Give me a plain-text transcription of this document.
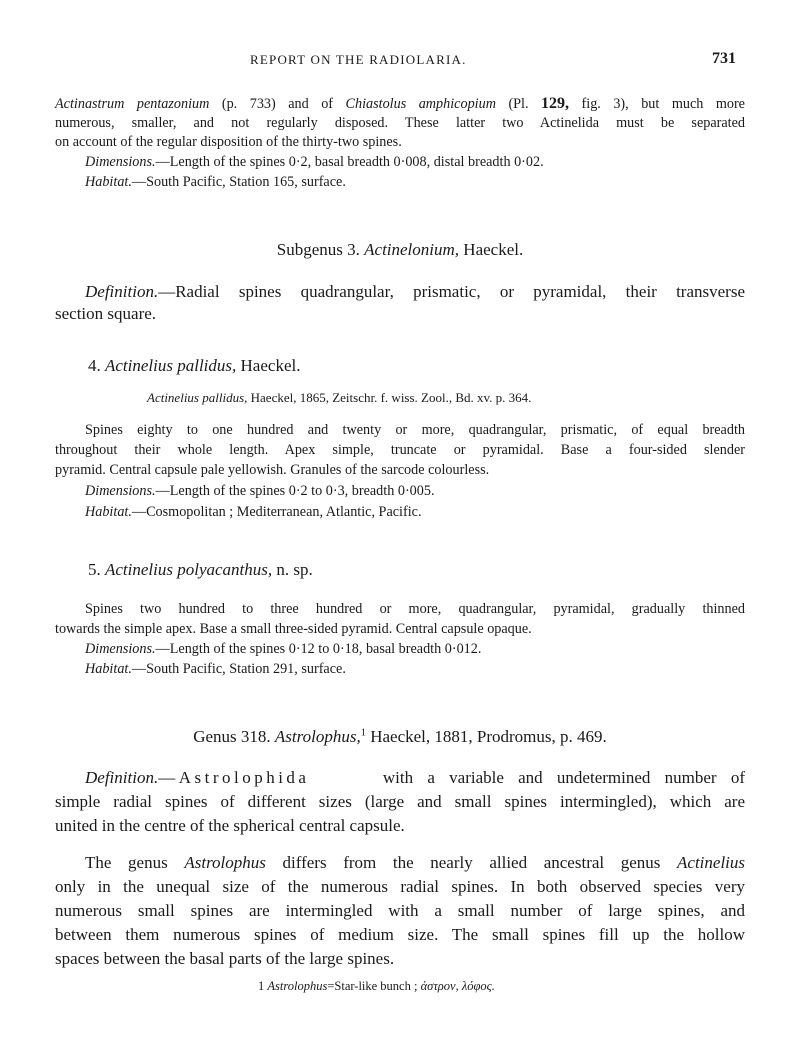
REPORT ON THE RADIOLARIA.	731
Actinastrum pentazonium (p. 733) and of Chiastolus amphicopium (Pl. 129, fig. 3), but much more
numerous, smaller, and not regularly disposed. These latter two Actinelida must be separated
on account of the regular disposition of the thirty-two spines.
Dimensions.—Length of the spines 0·2, basal breadth 0·008, distal breadth 0·02.
Habitat.—South Pacific, Station 165, surface.
Subgenus 3. Actinelonium, Haeckel.
Definition.—Radial spines quadrangular, prismatic, or pyramidal, their transverse
section square.
4. Actinelius pallidus, Haeckel.
Actinelius pallidus, Haeckel, 1865, Zeitschr. f. wiss. Zool., Bd. xv. p. 364.
Spines eighty to one hundred and twenty or more, quadrangular, prismatic, of equal breadth
throughout their whole length. Apex simple, truncate or pyramidal. Base a four-sided slender
pyramid. Central capsule pale yellowish. Granules of the sarcode colourless.
Dimensions.—Length of the spines 0·2 to 0·3, breadth 0·005.
Habitat.—Cosmopolitan ; Mediterranean, Atlantic, Pacific.
5. Actinelius polyacanthus, n. sp.
Spines two hundred to three hundred or more, quadrangular, pyramidal, gradually thinned
towards the simple apex. Base a small three-sided pyramid. Central capsule opaque.
Dimensions.—Length of the spines 0·12 to 0·18, basal breadth 0·012.
Habitat.—South Pacific, Station 291, surface.
Genus 318. Astrolophus,$^1$ Haeckel, 1881, Prodromus, p. 469.
Definition.—Astrolophida	with a variable and undetermined number of
simple radial spines of different sizes (large and small spines intermingled), which are
united in the centre of the spherical central capsule.
The genus Astrolophus differs from the nearly allied ancestral genus Actinelius
only in the unequal size of the numerous radial spines. In both observed species very
numerous small spines are intermingled with a small number of large spines, and
between them numerous spines of medium size. The small spines fill up the hollow
spaces between the basal parts of the large spines.
1 Astrolophus=Star-like bunch ; ἀστρον, λόφος.
